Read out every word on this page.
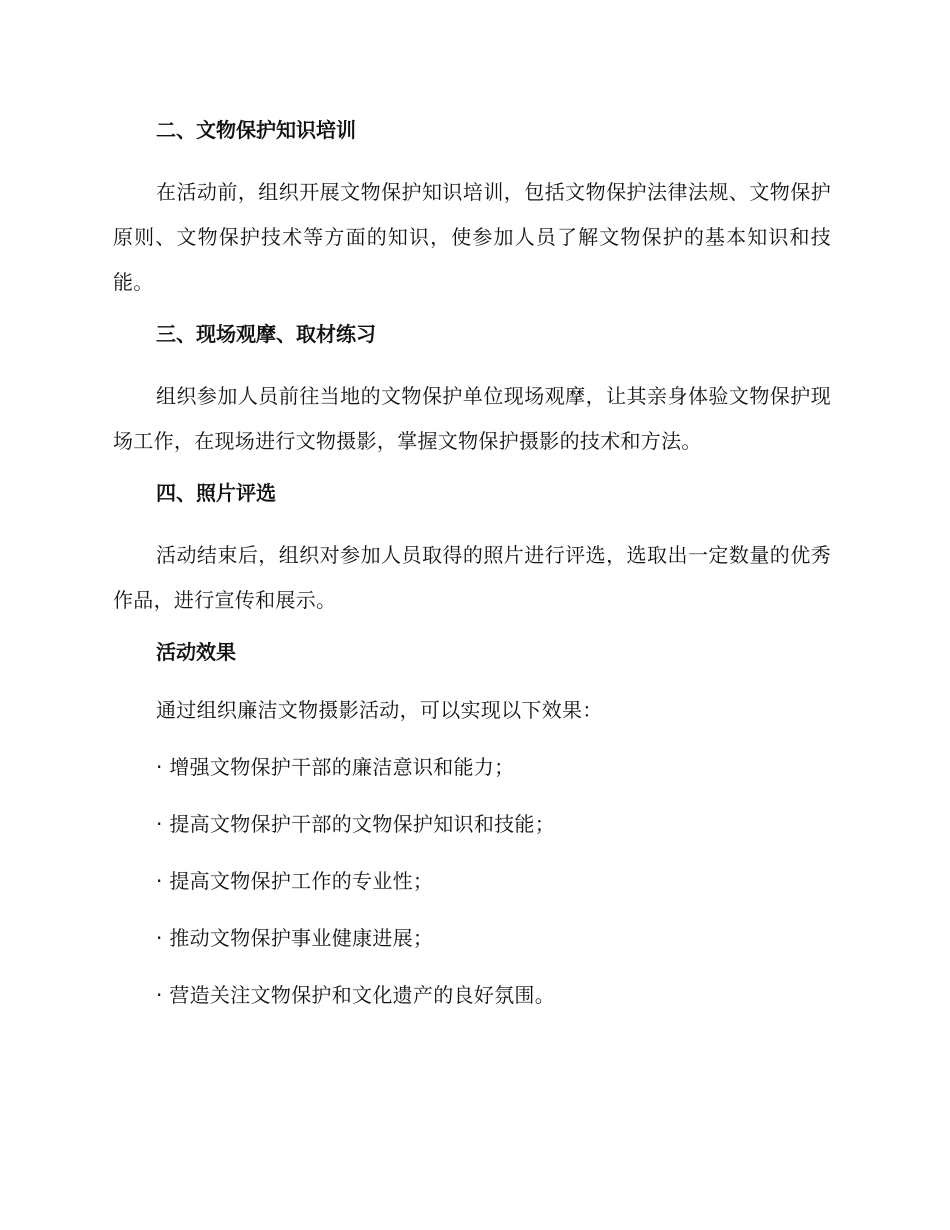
二、文物保护知识培训
在活动前，组织开展文物保护知识培训，包括文物保护法律法规、文物保护原则、文物保护技术等方面的知识，使参加人员了解文物保护的基本知识和技能。
三、现场观摩、取材练习
组织参加人员前往当地的文物保护单位现场观摩，让其亲身体验文物保护现场工作，在现场进行文物摄影，掌握文物保护摄影的技术和方法。
四、照片评选
活动结束后，组织对参加人员取得的照片进行评选，选取出一定数量的优秀作品，进行宣传和展示。
活动效果
通过组织廉洁文物摄影活动，可以实现以下效果：
· 增强文物保护干部的廉洁意识和能力；
· 提高文物保护干部的文物保护知识和技能；
· 提高文物保护工作的专业性；
· 推动文物保护事业健康进展；
· 营造关注文物保护和文化遗产的良好氛围。
